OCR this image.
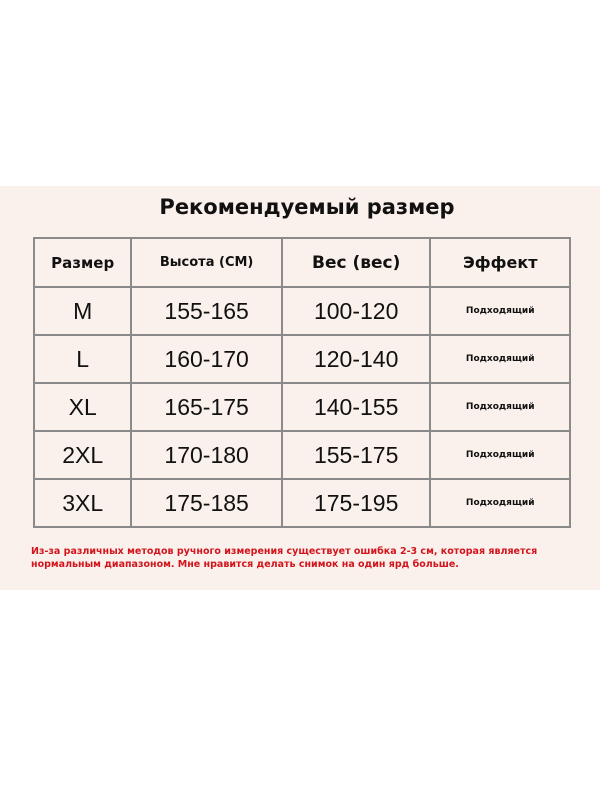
Рекомендуемый размер
Размер	Высота (CM)	Вес (вес)	Эффект
M	155-165	100-120	Подходящий
L	160-170	120-140	Подходящий
XL	165-175	140-155	Подходящий
2XL	170-180	155-175	Подходящий
3XL	175-185	175-195	Подходящий
Из-за различных методов ручного измерения существует ошибка 2-3 см, которая является нормальным диапазоном. Мне нравится делать снимок на один ярд больше.
